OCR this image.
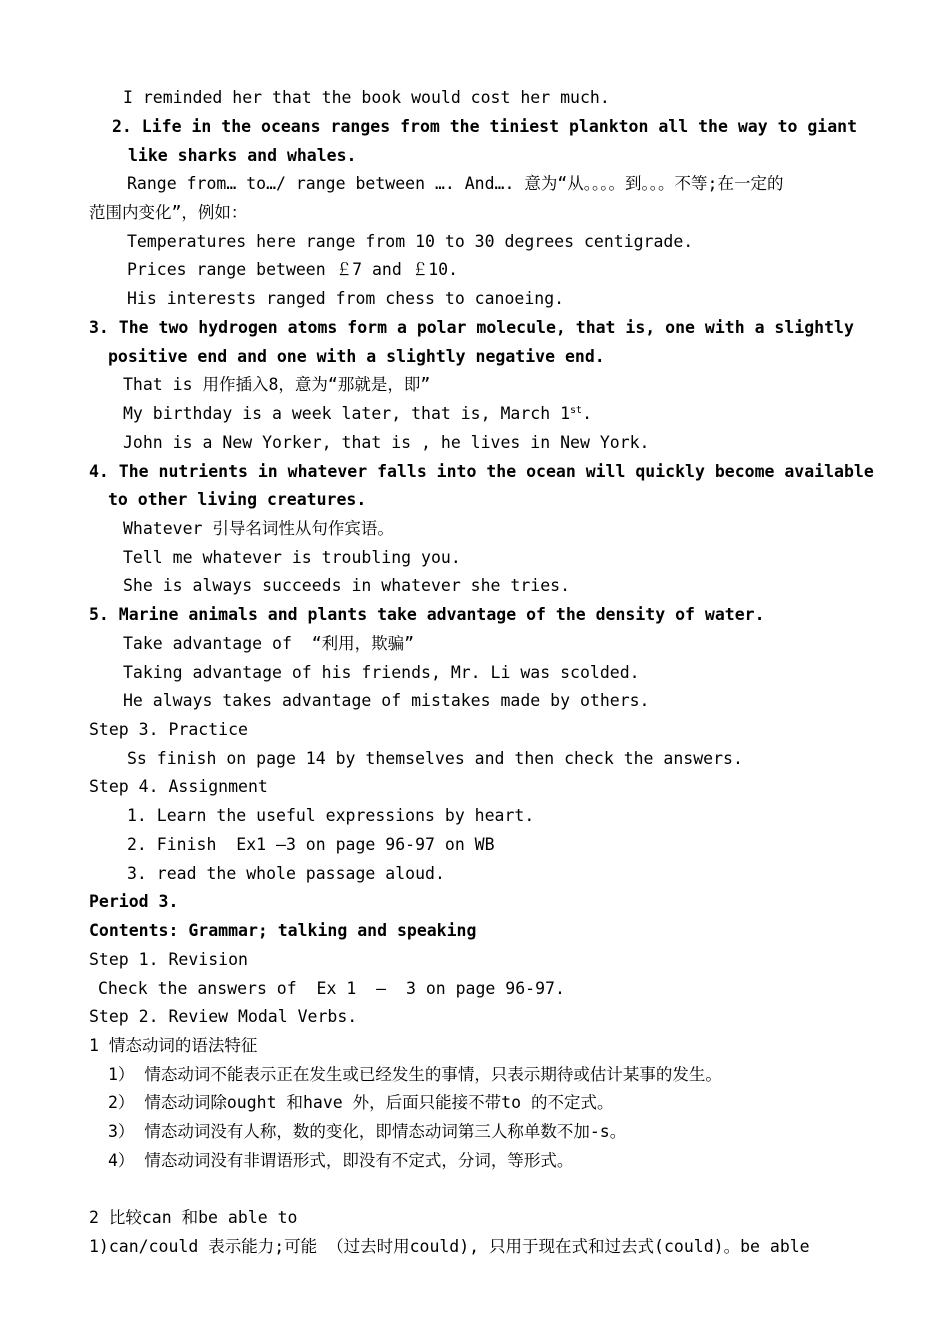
I reminded her that the book would cost her much.
2. Life in the oceans ranges from the tiniest plankton all the way to giant
like sharks and whales.
Range from… to…/ range between …. And…. 意为“从。。。。到。。。不等;在一定的
范围内变化”，例如：
Temperatures here range from 10 to 30 degrees centigrade.
Prices range between ￡7 and ￡10.
His interests ranged from chess to canoeing.
3. The two hydrogen atoms form a polar molecule, that is, one with a slightly
positive end and one with a slightly negative end.
That is 用作插入8，意为“那就是，即”
My birthday is a week later, that is, March 1st.
John is a New Yorker, that is , he lives in New York.
4. The nutrients in whatever falls into the ocean will quickly become available
to other living creatures.
Whatever 引导名词性从句作宾语。
Tell me whatever is troubling you.
She is always succeeds in whatever she tries.
5. Marine animals and plants take advantage of the density of water.
Take advantage of  “利用，欺骗”
Taking advantage of his friends, Mr. Li was scolded.
He always takes advantage of mistakes made by others.
Step 3. Practice
Ss finish on page 14 by themselves and then check the answers.
Step 4. Assignment
1. Learn the useful expressions by heart.
2. Finish  Ex1 –3 on page 96-97 on WB
3. read the whole passage aloud.
Period 3.
Contents: Grammar; talking and speaking
Step 1. Revision
Check the answers of  Ex 1  –  3 on page 96-97.
Step 2. Review Modal Verbs.
1 情态动词的语法特征
1） 情态动词不能表示正在发生或已经发生的事情，只表示期待或估计某事的发生。
2） 情态动词除ought 和have 外，后面只能接不带to 的不定式。
3） 情态动词没有人称，数的变化，即情态动词第三人称单数不加-s。
4） 情态动词没有非谓语形式，即没有不定式，分词，等形式。
2 比较can 和be able to
1)can/could 表示能力;可能 （过去时用could), 只用于现在式和过去式(could)。be able
